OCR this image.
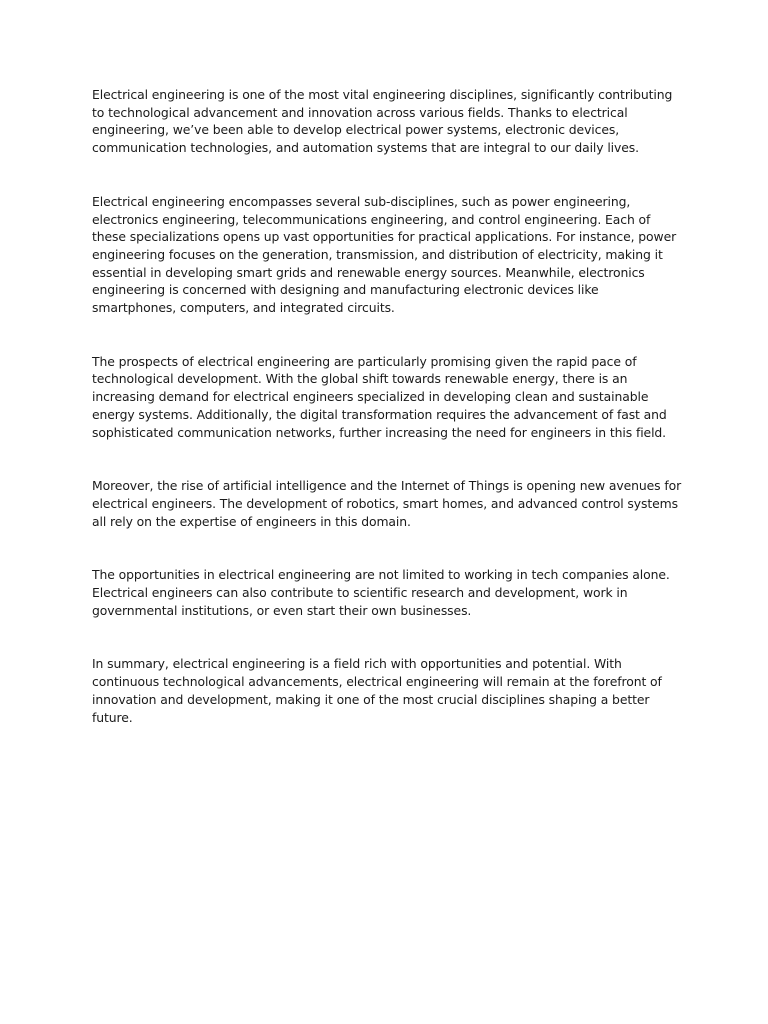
Electrical engineering is one of the most vital engineering disciplines, significantly contributing to technological advancement and innovation across various fields. Thanks to electrical engineering, we’ve been able to develop electrical power systems, electronic devices, communication technologies, and automation systems that are integral to our daily lives.

Electrical engineering encompasses several sub-disciplines, such as power engineering, electronics engineering, telecommunications engineering, and control engineering. Each of these specializations opens up vast opportunities for practical applications. For instance, power engineering focuses on the generation, transmission, and distribution of electricity, making it essential in developing smart grids and renewable energy sources. Meanwhile, electronics engineering is concerned with designing and manufacturing electronic devices like smartphones, computers, and integrated circuits.

The prospects of electrical engineering are particularly promising given the rapid pace of technological development. With the global shift towards renewable energy, there is an increasing demand for electrical engineers specialized in developing clean and sustainable energy systems. Additionally, the digital transformation requires the advancement of fast and sophisticated communication networks, further increasing the need for engineers in this field.

Moreover, the rise of artificial intelligence and the Internet of Things is opening new avenues for electrical engineers. The development of robotics, smart homes, and advanced control systems all rely on the expertise of engineers in this domain.

The opportunities in electrical engineering are not limited to working in tech companies alone. Electrical engineers can also contribute to scientific research and development, work in governmental institutions, or even start their own businesses.

In summary, electrical engineering is a field rich with opportunities and potential. With continuous technological advancements, electrical engineering will remain at the forefront of innovation and development, making it one of the most crucial disciplines shaping a better future.
